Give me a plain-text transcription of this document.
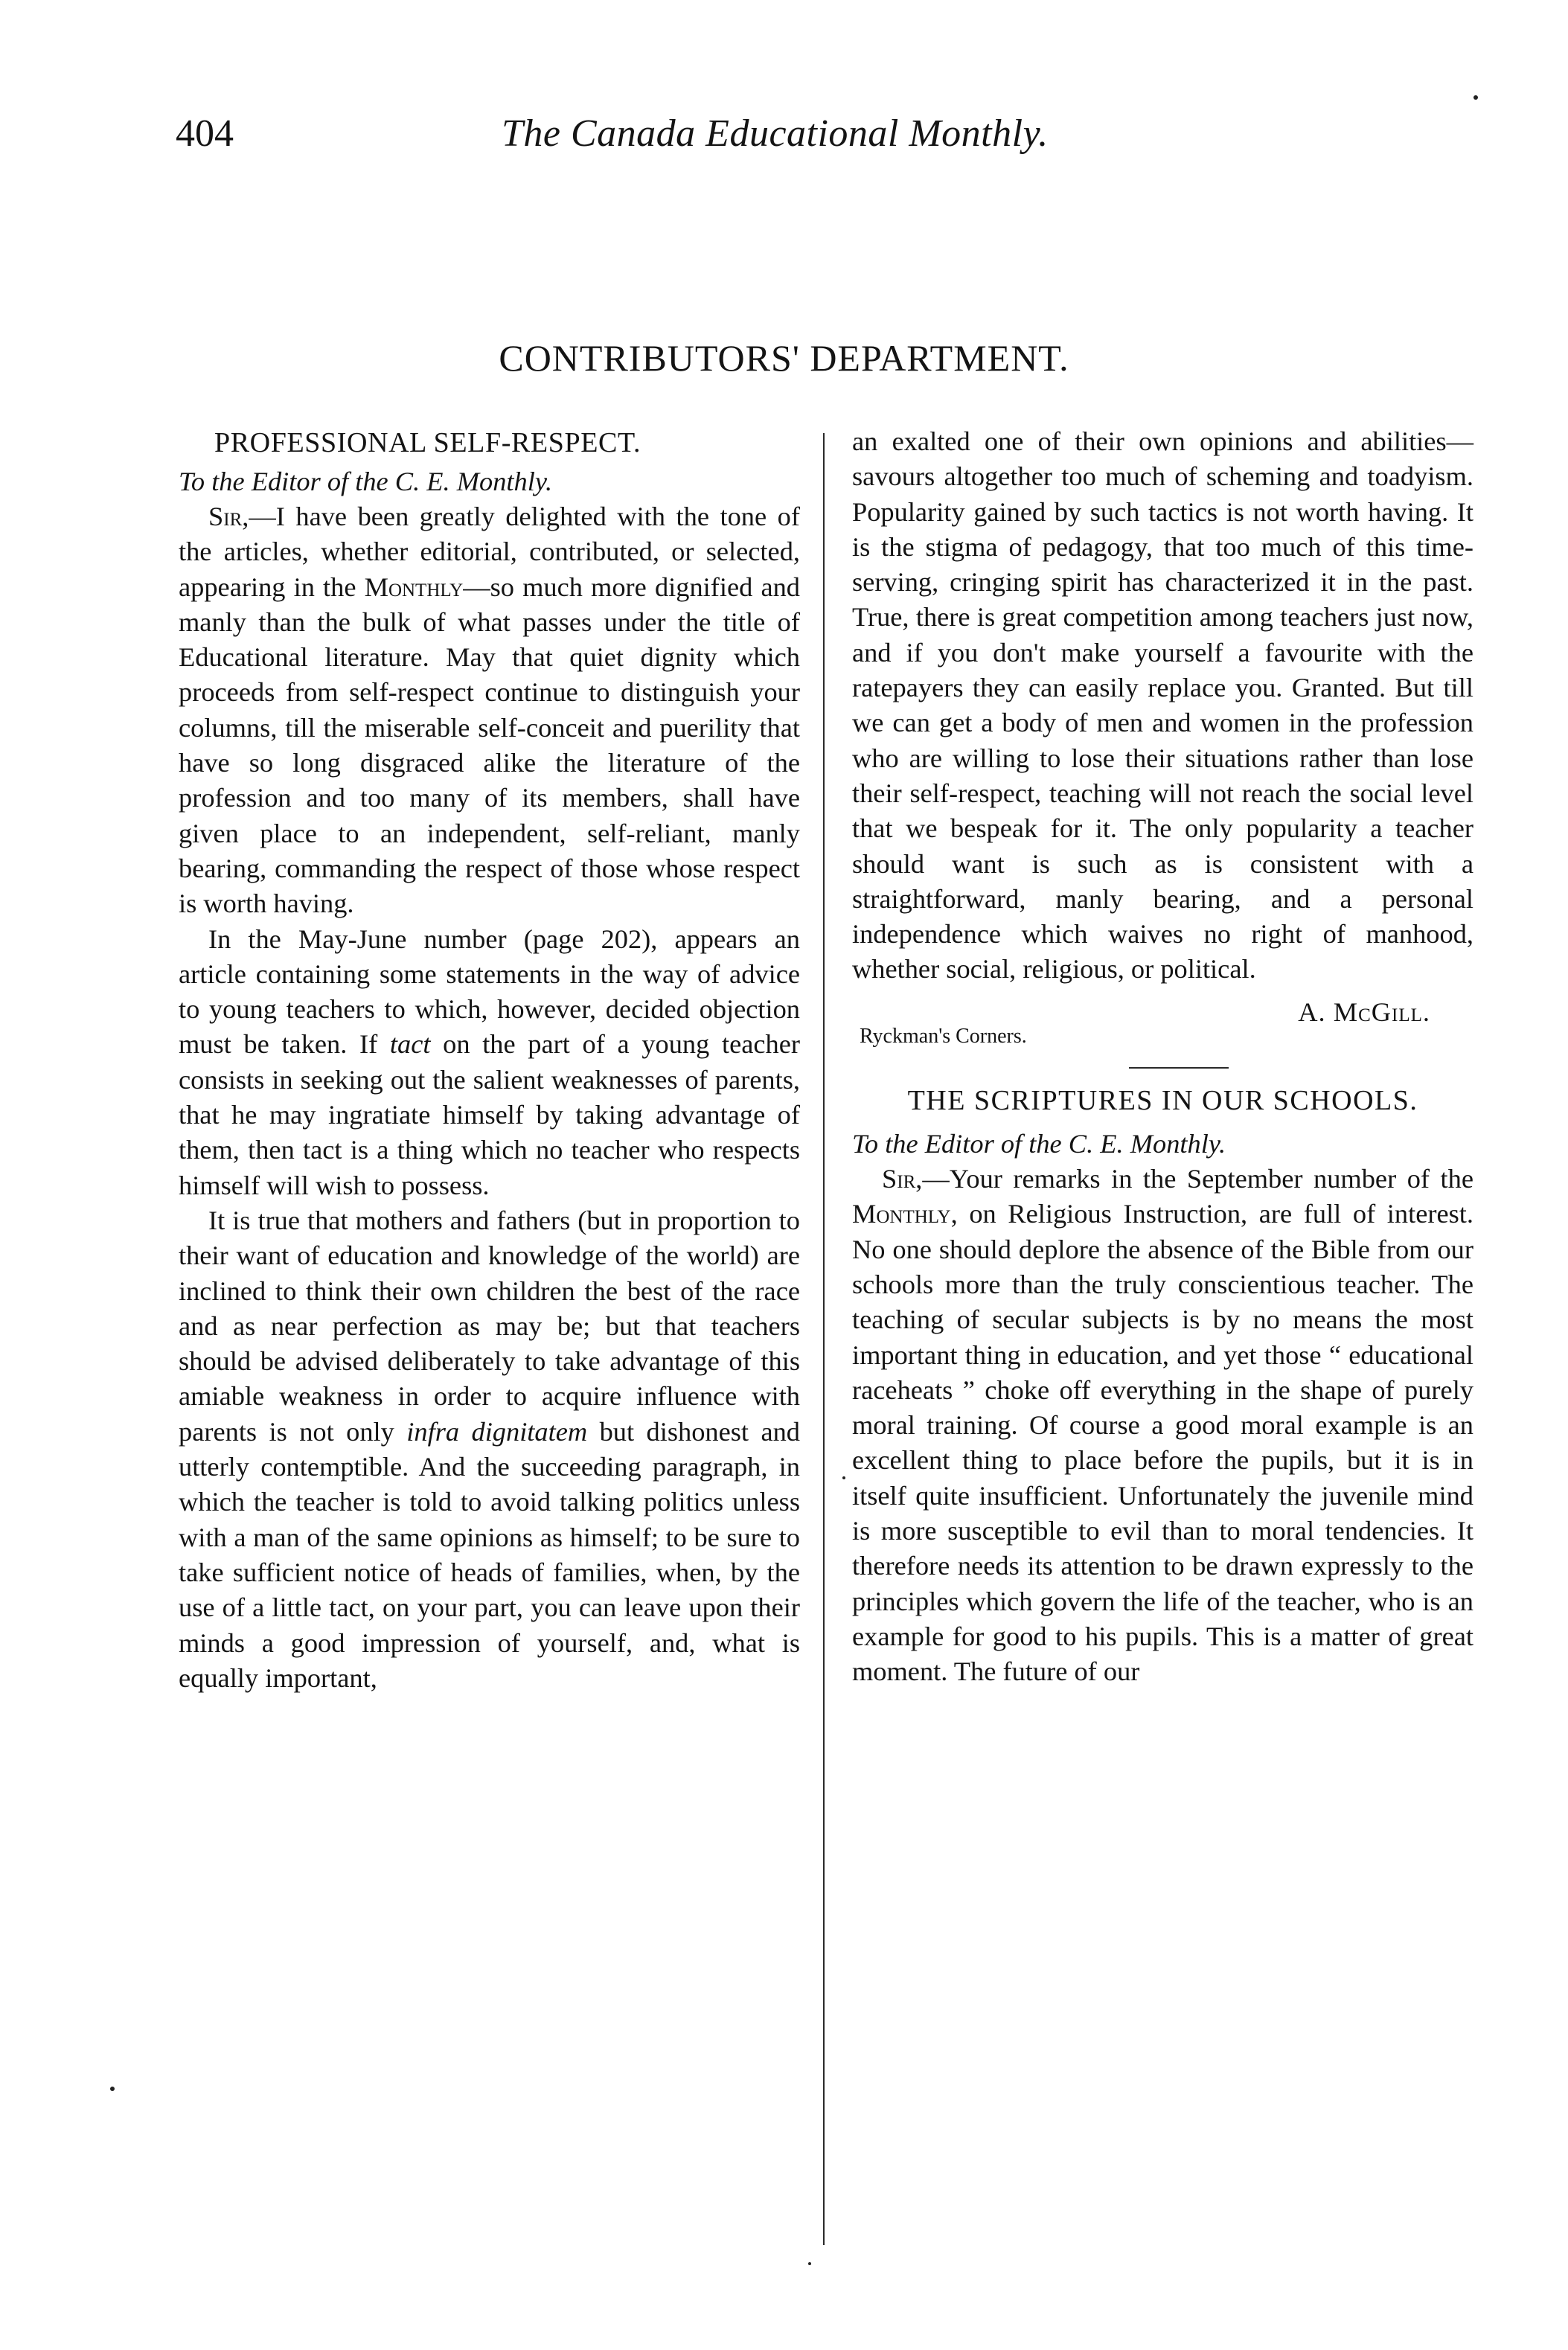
404	The Canada Educational Monthly.
CONTRIBUTORS' DEPARTMENT.
PROFESSIONAL SELF-RESPECT.
To the Editor of the C. E. Monthly.

Sir,—I have been greatly delighted with the tone of the articles, whether editorial, contributed, or selected, appearing in the Monthly—so much more dignified and manly than the bulk of what passes under the title of Educational literature. May that quiet dignity which proceeds from self-respect continue to distinguish your columns, till the miserable self-conceit and puerility that have so long disgraced alike the literature of the profession and too many of its members, shall have given place to an independent, self-reliant, manly bearing, commanding the respect of those whose respect is worth having.

In the May-June number (page 202), appears an article containing some statements in the way of advice to young teachers to which, however, decided objection must be taken. If tact on the part of a young teacher consists in seeking out the salient weaknesses of parents, that he may ingratiate himself by taking advantage of them, then tact is a thing which no teacher who respects himself will wish to possess.

It is true that mothers and fathers (but in proportion to their want of education and knowledge of the world) are inclined to think their own children the best of the race and as near perfection as may be; but that teachers should be advised deliberately to take advantage of this amiable weakness in order to acquire influence with parents is not only infra dignitatem but dishonest and utterly contemptible. And the succeeding paragraph, in which the teacher is told to avoid talking politics unless with a man of the same opinions as himself; to be sure to take sufficient notice of heads of families, when, by the use of a little tact, on your part, you can leave upon their minds a good impression of yourself, and, what is equally important,

an exalted one of their own opinions and abilities—savours altogether too much of scheming and toadyism. Popularity gained by such tactics is not worth having. It is the stigma of pedagogy, that too much of this time-serving, cringing spirit has characterized it in the past. True, there is great competition among teachers just now, and if you don't make yourself a favourite with the ratepayers they can easily replace you. Granted. But till we can get a body of men and women in the profession who are willing to lose their situations rather than lose their self-respect, teaching will not reach the social level that we bespeak for it. The only popularity a teacher should want is such as is consistent with a straightforward, manly bearing, and a personal independence which waives no right of manhood, whether social, religious, or political.

A. McGill.
Ryckman's Corners.
THE SCRIPTURES IN OUR SCHOOLS.
To the Editor of the C. E. Monthly.

Sir,—Your remarks in the September number of the Monthly, on Religious Instruction, are full of interest. No one should deplore the absence of the Bible from our schools more than the truly conscientious teacher. The teaching of secular subjects is by no means the most important thing in education, and yet those “ educational raceheats ” choke off everything in the shape of purely moral training. Of course a good moral example is an excellent thing to place before the pupils, but it is in itself quite insufficient. Unfortunately the juvenile mind is more susceptible to evil than to moral tendencies. It therefore needs its attention to be drawn expressly to the principles which govern the life of the teacher, who is an example for good to his pupils. This is a matter of great moment. The future of our
